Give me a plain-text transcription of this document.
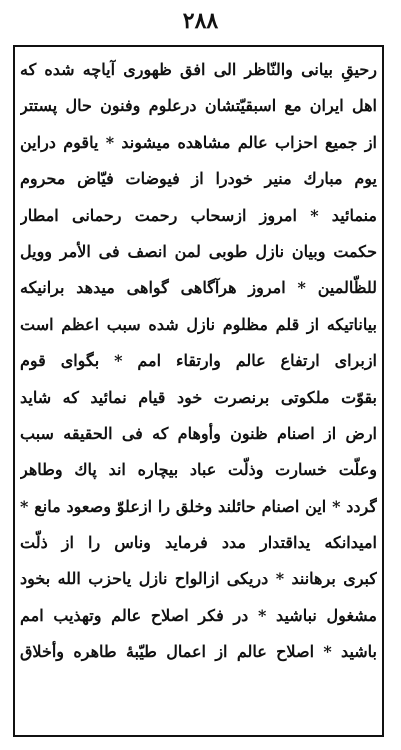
۲۸۸
رحیقِ بیانی والنّاظر الی افق ظهوری آیاچه شده که
اهل ایران مع اسبقیّتشان درعلوم وفنون حال پستتر
از جمیع احزاب عالم مشاهده میشوند * یاقوم دراین
یوم مبارك منیر خودرا از فیوضات فیّاض محروم
منمائید * امروز ازسحاب رحمت رحمانی امطار
حکمت وبیان نازل طوبی لمن انصف فی الأمر وویل
للظّالمین * امروز هرآگاهی گواهی میدهد برانیکه
بیاناتیکه از قلم مظلوم نازل شده سبب اعظم است
ازبرای ارتفاع عالم وارتقاء امم * بگوای قوم
بقوّت ملکوتی برنصرت خود قیام نمائید که شاید
ارض از اصنام ظنون وأوهام که فی الحقیقه سبب
وعلّت خسارت وذلّت عباد بیچاره اند پاك وطاهر
گردد * این اصنام حائلند وخلق را ازعلوّ وصعود مانع *
امیدانکه یداقتدار مدد فرماید وناس را از ذلّت
کبری برهانند * دریکی ازالواح نازل یاحزب الله بخود
مشغول نباشید * در فکر اصلاح عالم وتهذیب امم
باشید * اصلاح عالم از اعمال طیّبهٔ طاهره وأخلاق
